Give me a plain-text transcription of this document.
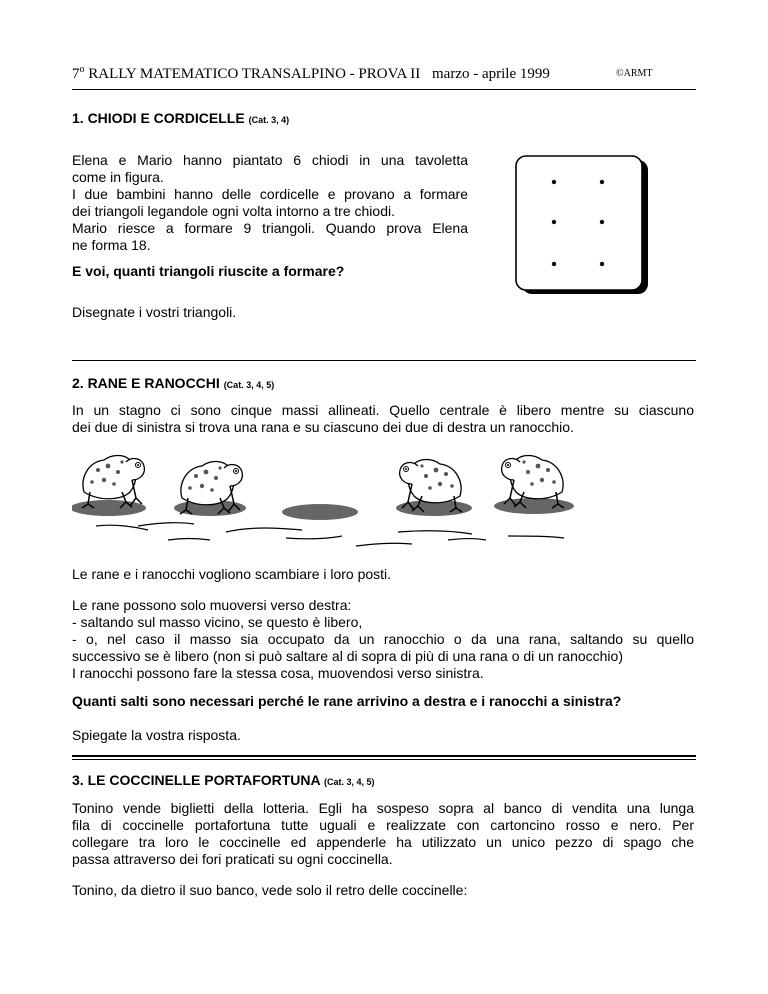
7$^o$ RALLY MATEMATICO TRANSALPINO - PROVA II marzo - aprile 1999	©ARMT
1. CHIODI E CORDICELLE (Cat. 3, 4)
Elena e Mario hanno piantato 6 chiodi in una tavoletta
come in figura.
I due bambini hanno delle cordicelle e provano a formare
dei triangoli legandole ogni volta intorno a tre chiodi.
Mario riesce a formare 9 triangoli. Quando prova Elena
ne forma 18.
E voi, quanti triangoli riuscite a formare?
Disegnate i vostri triangoli.
2. RANE E RANOCCHI (Cat. 3, 4, 5)
In un stagno ci sono cinque massi allineati. Quello centrale è libero mentre su ciascuno
dei due di sinistra si trova una rana e su ciascuno dei due di destra un ranocchio.
Le rane e i ranocchi vogliono scambiare i loro posti.
Le rane possono solo muoversi verso destra:
- saltando sul masso vicino, se questo è libero,
- o, nel caso il masso sia occupato da un ranocchio o da una rana, saltando su quello
successivo se è libero (non si può saltare al di sopra di più di una rana o di un ranocchio)
I ranocchi possono fare la stessa cosa, muovendosi verso sinistra.
Quanti salti sono necessari perché le rane arrivino a destra e i ranocchi a sinistra?
Spiegate la vostra risposta.
3. LE COCCINELLE PORTAFORTUNA (Cat. 3, 4, 5)
Tonino vende biglietti della lotteria. Egli ha sospeso sopra al banco di vendita una lunga
fila di coccinelle portafortuna tutte uguali e realizzate con cartoncino rosso e nero. Per
collegare tra loro le coccinelle ed appenderle ha utilizzato un unico pezzo di spago che
passa attraverso dei fori praticati su ogni coccinella.
Tonino, da dietro il suo banco, vede solo il retro delle coccinelle:
